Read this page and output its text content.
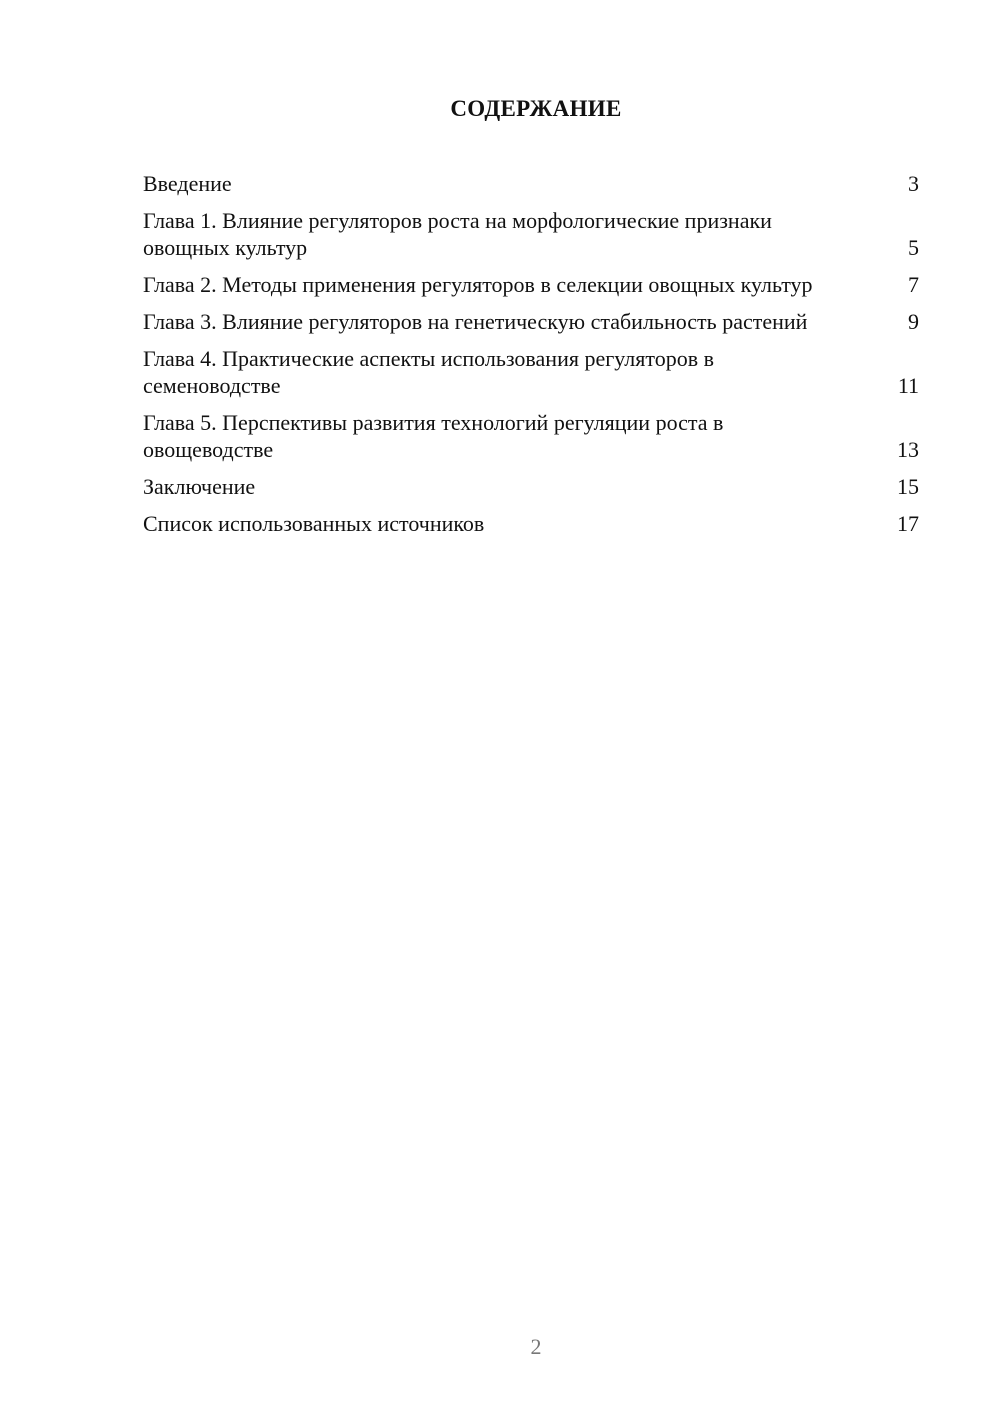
СОДЕРЖАНИЕ
Введение	3
Глава 1. Влияние регуляторов роста на морфологические признаки овощных культур	5
Глава 2. Методы применения регуляторов в селекции овощных культур	7
Глава 3. Влияние регуляторов на генетическую стабильность растений	9
Глава 4. Практические аспекты использования регуляторов в семеноводстве	11
Глава 5. Перспективы развития технологий регуляции роста в овощеводстве	13
Заключение	15
Список использованных источников	17
2
